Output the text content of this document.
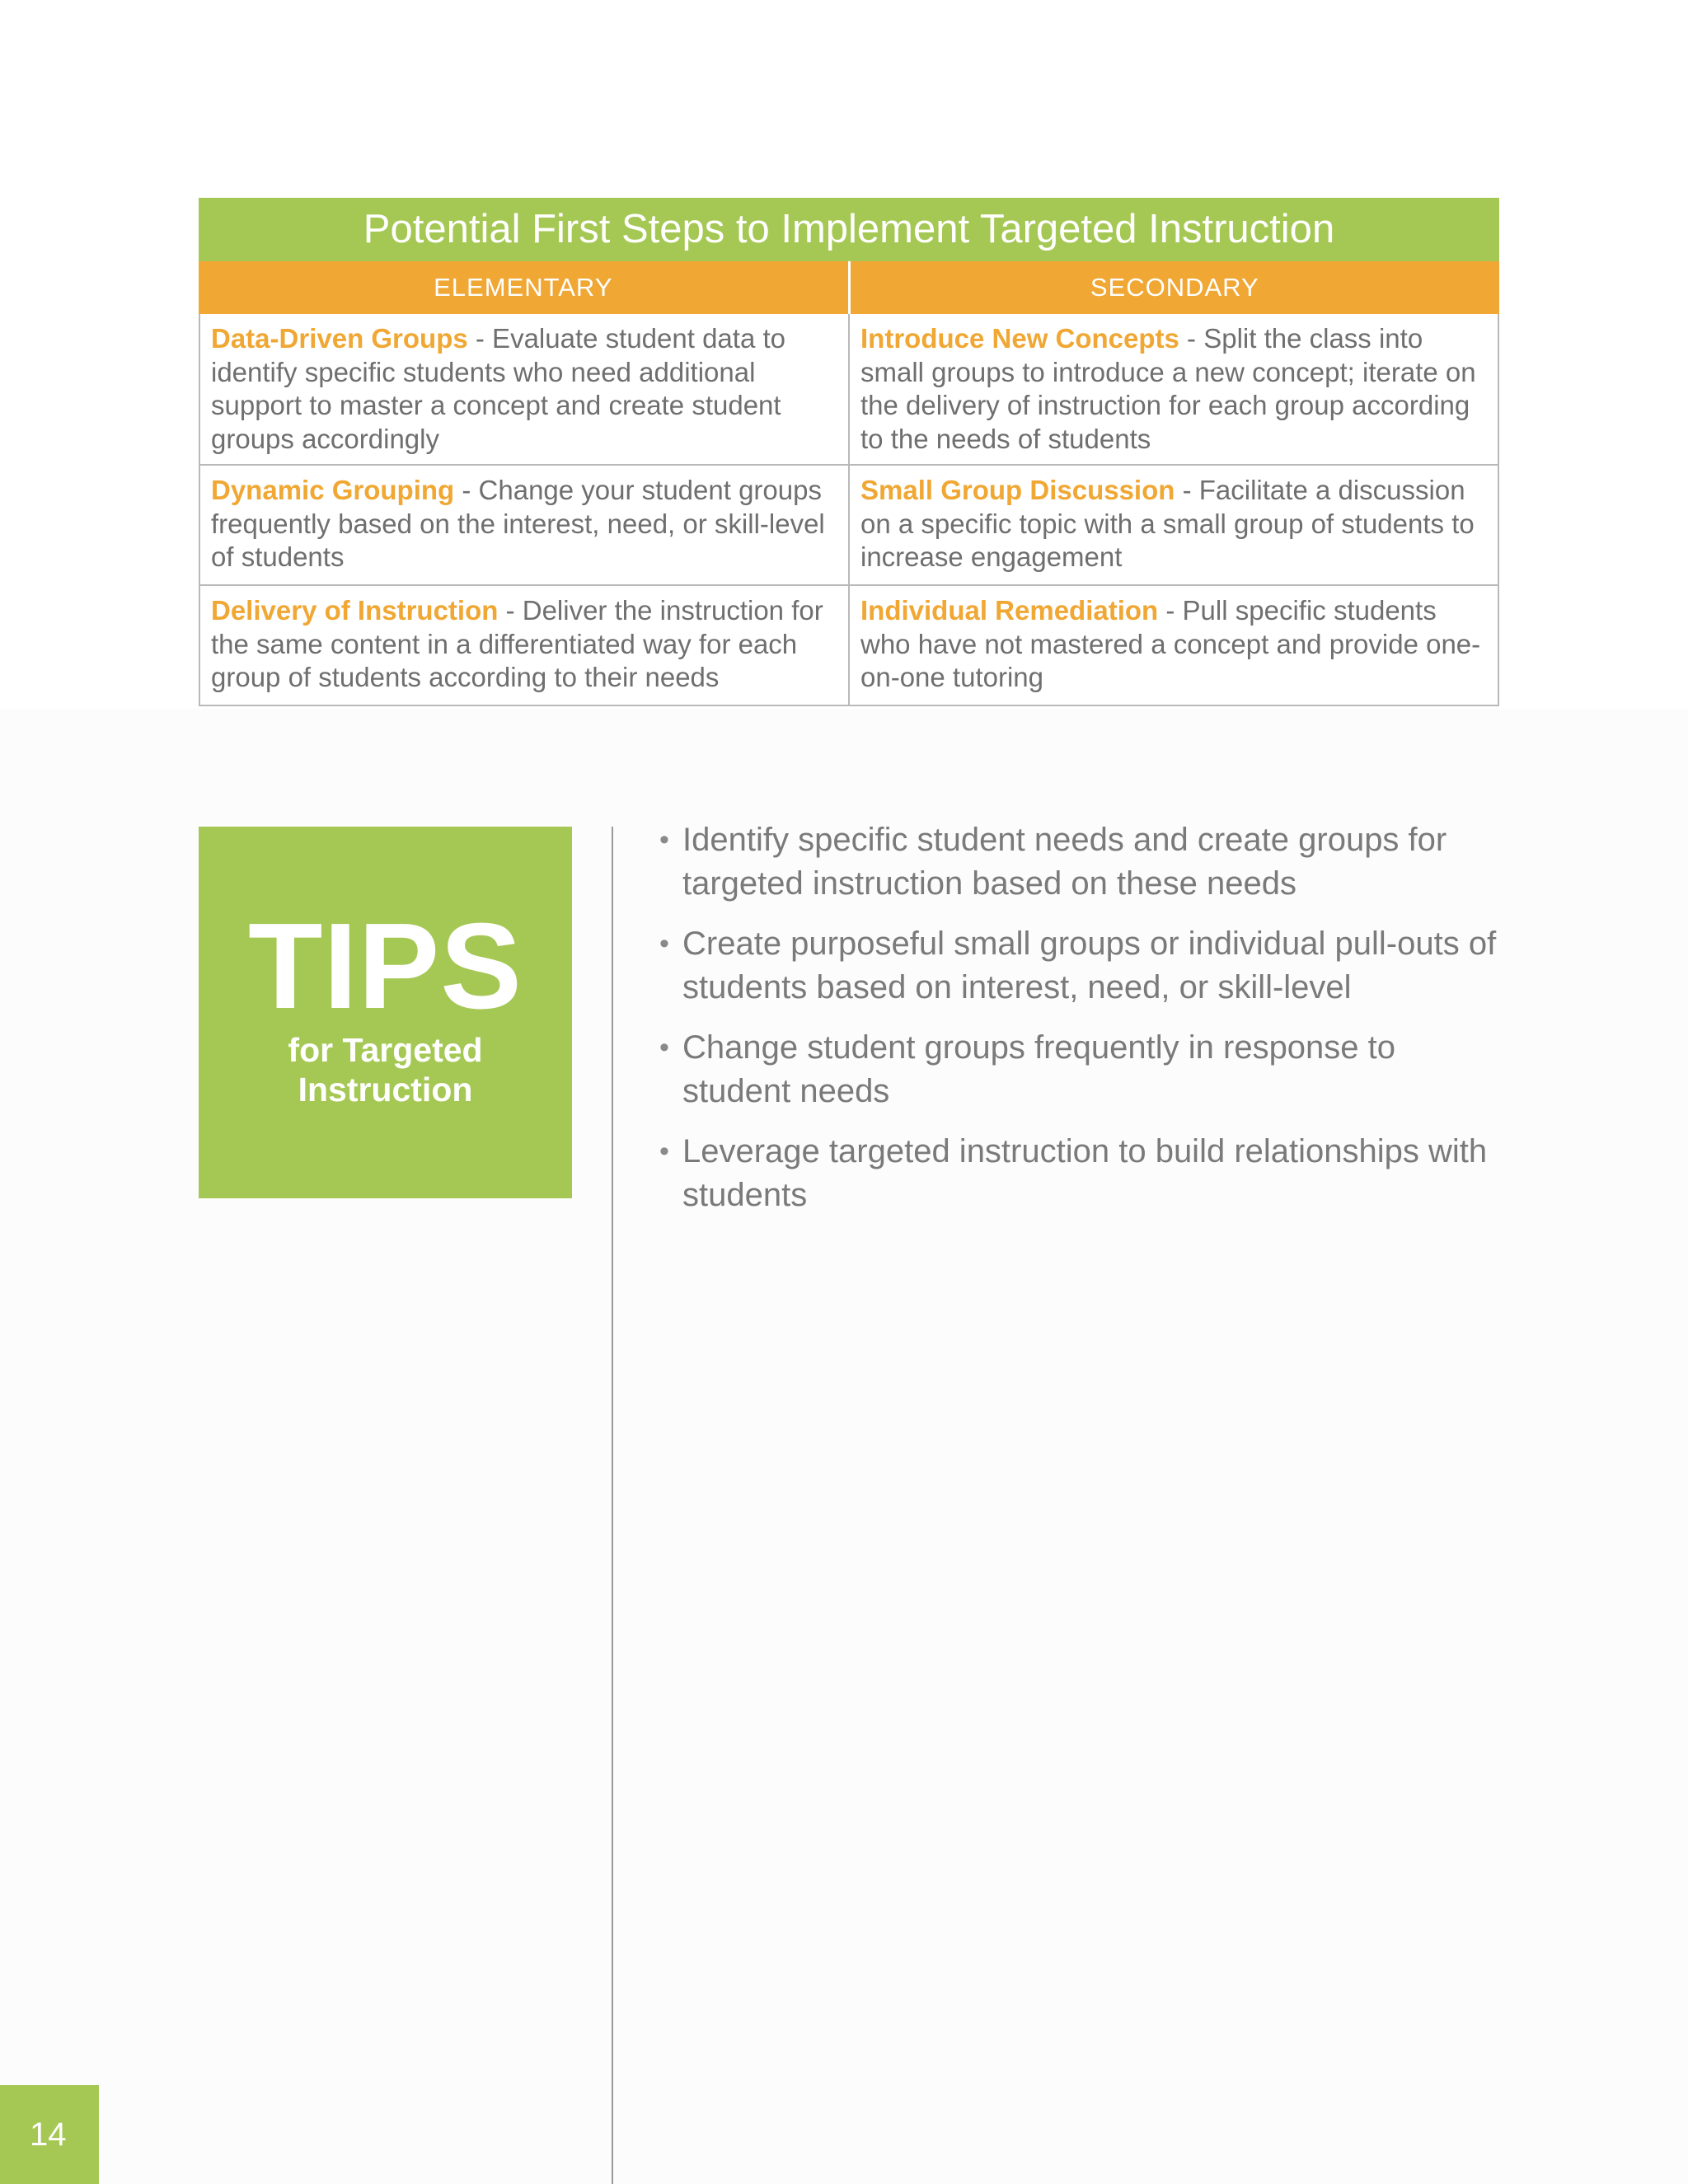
Potential First Steps to Implement Targeted Instruction
ELEMENTARY	SECONDARY
Data-Driven Groups - Evaluate student data to identify specific students who need additional support to master a concept and create student groups accordingly
Introduce New Concepts - Split the class into small groups to introduce a new concept; iterate on the delivery of instruction for each group according to the needs of students
Dynamic Grouping - Change your student groups frequently based on the interest, need, or skill-level of students
Small Group Discussion - Facilitate a discussion on a specific topic with a small group of students to increase engagement
Delivery of Instruction - Deliver the instruction for the same content in a differentiated way for each group of students according to their needs
Individual Remediation - Pull specific students who have not mastered a concept and provide one-on-one tutoring
TIPS
for Targeted
Instruction
• Identify specific student needs and create groups for targeted instruction based on these needs
• Create purposeful small groups or individual pull-outs of students based on interest, need, or skill-level
• Change student groups frequently in response to student needs
• Leverage targeted instruction to build relationships with students
14
